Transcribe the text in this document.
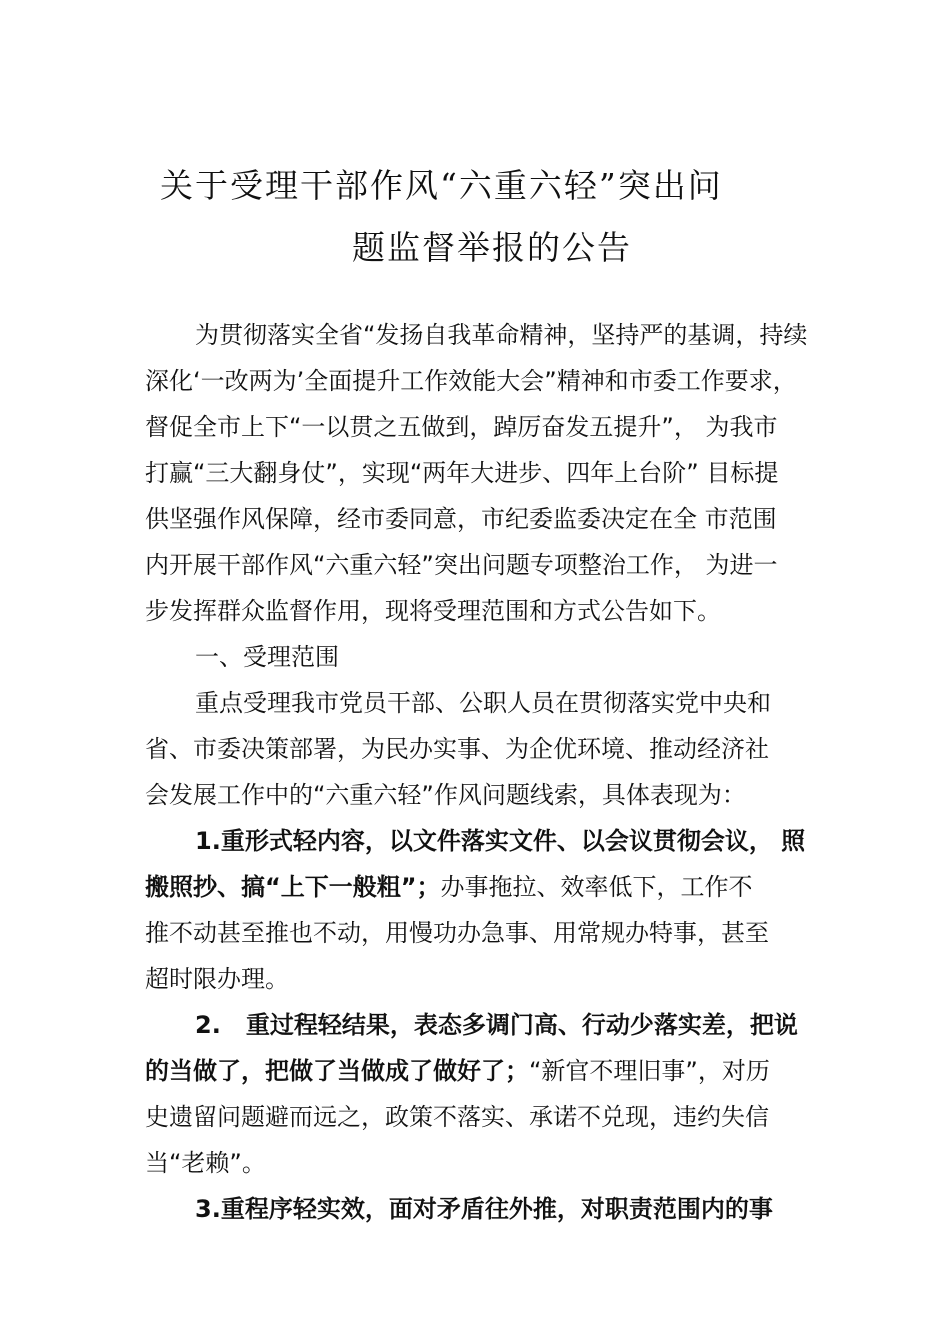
关于受理干部作风“六重六轻”突出问
题监督举报的公告
为贯彻落实全省“发扬自我革命精神，坚持严的基调，持续
深化‘一改两为’全面提升工作效能大会”精神和市委工作要求，
督促全市上下“一以贯之五做到，踔厉奋发五提升”， 为我市
打赢“三大翻身仗”，实现“两年大进步、四年上台阶” 目标提
供坚强作风保障，经市委同意，市纪委监委决定在全 市范围
内开展干部作风“六重六轻”突出问题专项整治工作， 为进一
步发挥群众监督作用，现将受理范围和方式公告如下。
一、受理范围
重点受理我市党员干部、公职人员在贯彻落实党中央和
省、市委决策部署，为民办实事、为企优环境、推动经济社
会发展工作中的“六重六轻”作风问题线索，具体表现为：
1.重形式轻内容，以文件落实文件、以会议贯彻会议， 照
搬照抄、搞“上下一般粗”；办事拖拉、效率低下，工作不
推不动甚至推也不动，用慢功办急事、用常规办特事，甚至
超时限办理。
2.   重过程轻结果，表态多调门高、行动少落实差，把说
的当做了，把做了当做成了做好了；“新官不理旧事”，对历
史遗留问题避而远之，政策不落实、承诺不兑现，违约失信
当“老赖”。
3.重程序轻实效，面对矛盾往外推，对职责范围内的事
